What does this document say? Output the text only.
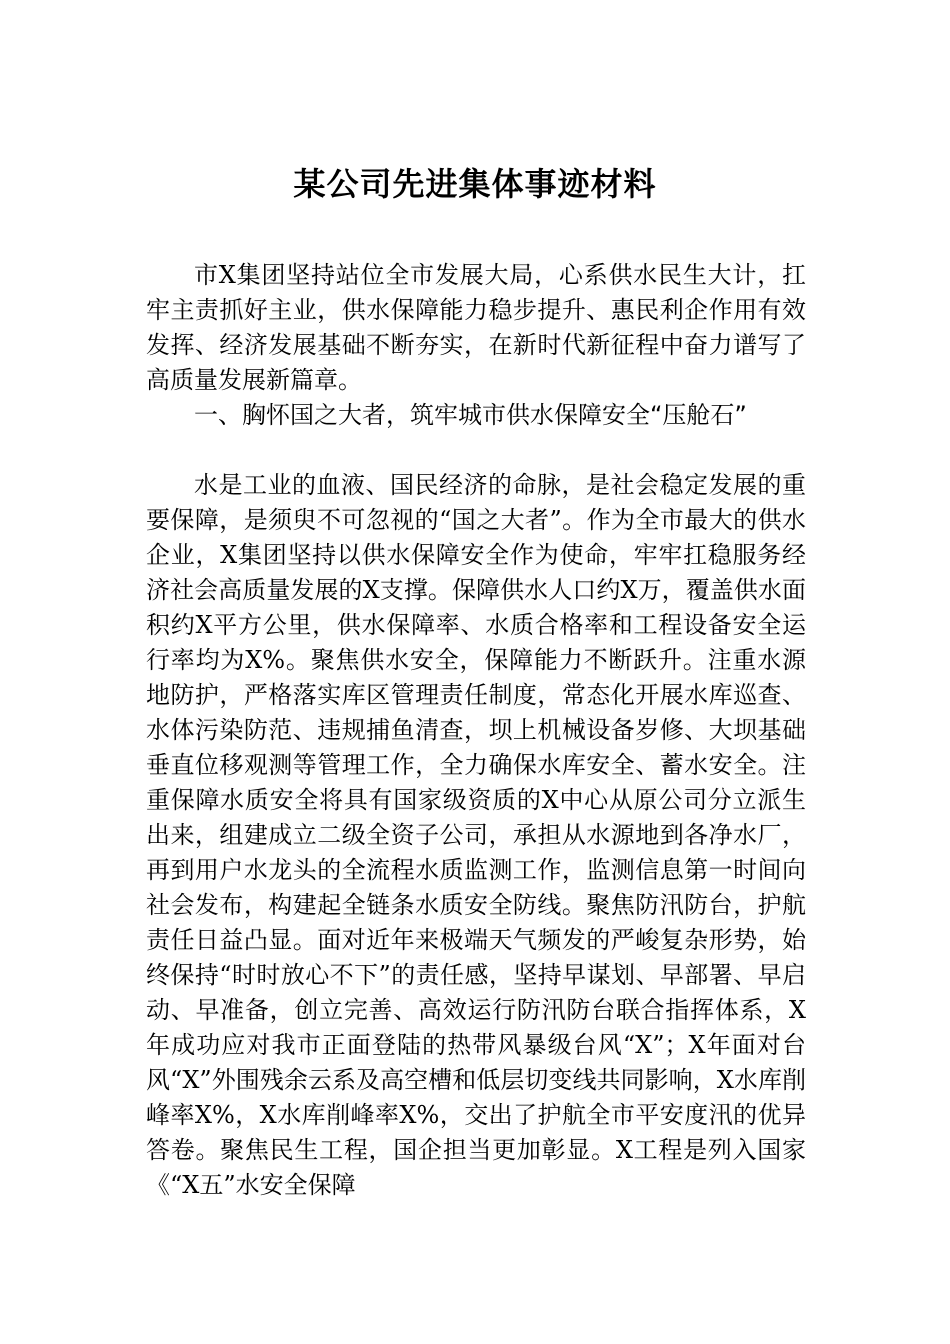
某公司先进集体事迹材料

市X集团坚持站位全市发展大局，心系供水民生大计，扛牢主责抓好主业，供水保障能力稳步提升、惠民利企作用有效发挥、经济发展基础不断夯实，在新时代新征程中奋力谱写了高质量发展新篇章。

一、胸怀国之大者，筑牢城市供水保障安全“压舱石”

水是工业的血液、国民经济的命脉，是社会稳定发展的重要保障，是须臾不可忽视的“国之大者”。作为全市最大的供水企业，X集团坚持以供水保障安全作为使命，牢牢扛稳服务经济社会高质量发展的X支撑。保障供水人口约X万，覆盖供水面积约X平方公里，供水保障率、水质合格率和工程设备安全运行率均为X%。聚焦供水安全，保障能力不断跃升。注重水源地防护，严格落实库区管理责任制度，常态化开展水库巡查、水体污染防范、违规捕鱼清查，坝上机械设备岁修、大坝基础垂直位移观测等管理工作，全力确保水库安全、蓄水安全。注重保障水质安全将具有国家级资质的X中心从原公司分立派生出来，组建成立二级全资子公司，承担从水源地到各净水厂，再到用户水龙头的全流程水质监测工作，监测信息第一时间向社会发布，构建起全链条水质安全防线。聚焦防汛防台，护航责任日益凸显。面对近年来极端天气频发的严峻复杂形势，始终保持“时时放心不下”的责任感，坚持早谋划、早部署、早启动、早准备，创立完善、高效运行防汛防台联合指挥体系，X年成功应对我市正面登陆的热带风暴级台风“X”；X年面对台风“X”外围残余云系及高空槽和低层切变线共同影响，X水库削峰率X%，X水库削峰率X%，交出了护航全市平安度汛的优异答卷。聚焦民生工程，国企担当更加彰显。X工程是列入国家《“X五”水安全保障
